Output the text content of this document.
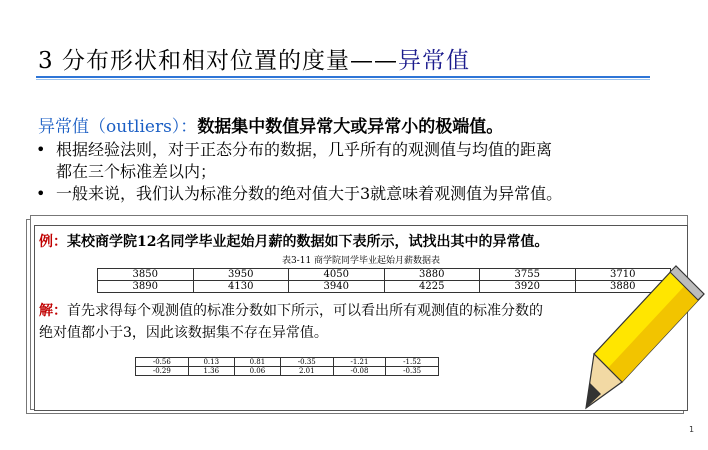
3 分布形状和相对位置的度量——异常值
异常值（outliers）：数据集中数值异常大或异常小的极端值。
• 根据经验法则，对于正态分布的数据，几乎所有的观测值与均值的距离
都在三个标准差以内；
• 一般来说，我们认为标准分数的绝对值大于3就意味着观测值为异常值。
例：某校商学院12名同学毕业起始月薪的数据如下表所示，试找出其中的异常值。
表3-11 商学院同学毕业起始月薪数据表
3850	3950	4050	3880	3755	3710
3890	4130	3940	4225	3920	3880
解：首先求得每个观测值的标准分数如下所示，可以看出所有观测值的标准分数的
绝对值都小于3，因此该数据集不存在异常值。
-0.56	0.13	0.81	-0.35	-1.21	-1.52
-0.29	1.36	0.06	2.01	-0.08	-0.35
1
